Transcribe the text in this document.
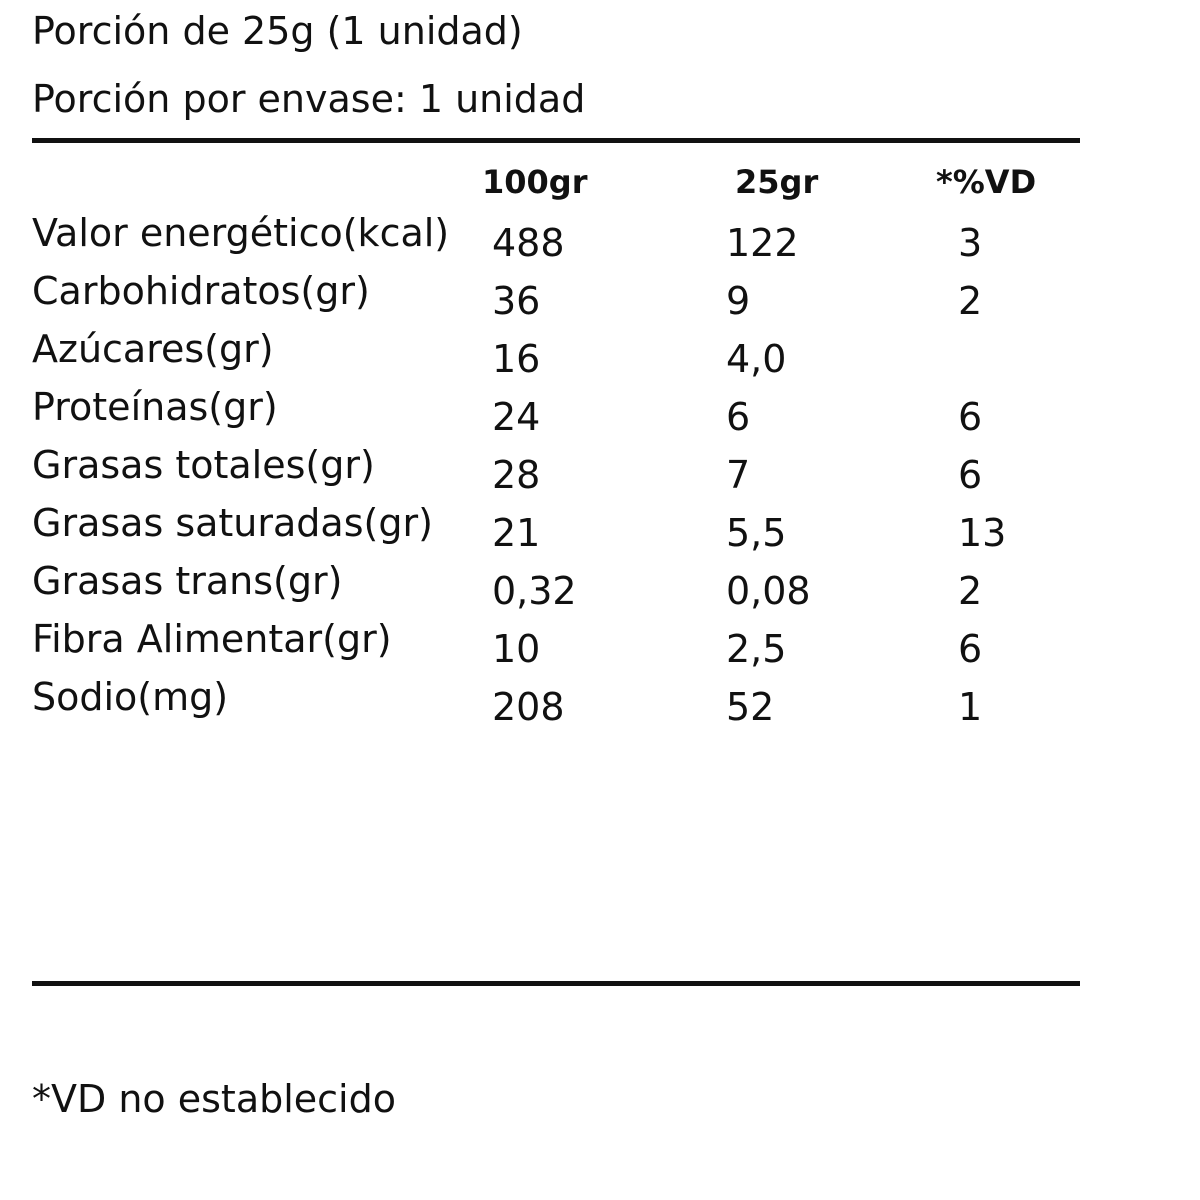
Porción de 25g (1 unidad)
Porción por envase: 1 unidad
100gr	25gr	*%VD
Valor energético(kcal) 488	122	3
Carbohidratos(gr)	36	9	2
Azúcares(gr)	16	4,0
Proteínas(gr)	24	6	6
Grasas totales(gr)	28	7	6
Grasas saturadas(gr) 21	5,5	13
Grasas trans(gr)	0,32	0,08	2
Fibra Alimentar(gr)	10	2,5	6
Sodio(mg)	208	52	1
*VD no establecido
